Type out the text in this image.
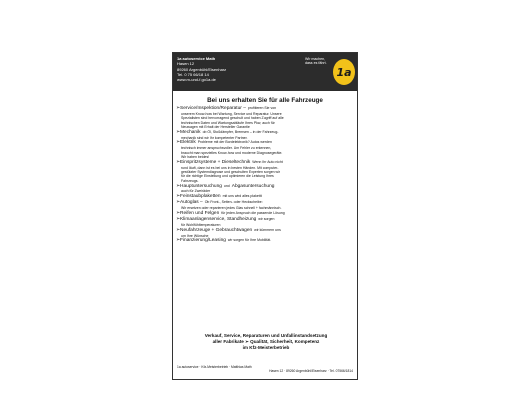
1a autoservice Math
Hasen 12
89260 Argenbühl/Eisenharz
Tel. 0 75 66/18 14
www.m-und-f.go1a.de
Wir machen,
dass es fährt.
1a
Bei uns erhalten Sie für alle Fahrzeuge
➢Service/Inspektion/Reparatur – profitieren Sie von
unserem Know-how bei Wartung, Service und Reparatur. Unsere
Spezialisten sind hervorragend geschult und haben Zugriff auf alle
technischen Daten und Wartungsabläufe Ihres Pkw, auch für
Neuwagen mit Erhalt der Hersteller Garantie
➢Mechanik ob Öl, Stoßdämpfer, Bremsen – in der Fahrzeug-
mechanik sind wir Ihr kompetenter Partner.
➢Elektrik Probleme mit der Bordelektronik? Autos werden
technisch immer anspruchsvoller. Um Fehler zu erkennen,
braucht man spezielles Know-how und moderne Diagnosegeräte.
Wir haben beides!
➢Einspritzsysteme + Dieseltechnik Wenn Ihr Auto nicht
rund läuft, dann ist es bei uns in besten Händen. Mit computer-
gestützter Systemdiagnose und geschulten Experten sorgen wir
für die richtige Einstellung und optimieren die Leistung Ihres
Fahrzeugs.
➢Hauptuntersuchung und Abgasuntersuchung
auch für Zweiräder
➢Feinstaubplaketten mit uns wird alles plakettt
➢Autoglas – Ob Front-, Seiten- oder Heckscheibe:
Wir ersetzen oder reparieren jedes Glas schnell + fachmännisch.
➢Reifen und Felgen für jeden Anspruch die passende Lösung
➢Klimaanlagenservice, Standheizung wir sorgen
für Wohlfühltemperaturen
➢Neufahrzeuge + Gebrauchtwagen wir kümmern uns
um Ihre Wünsche
➢Finanzierung/Leasing wir sorgen für Ihre Mobilität.
Verkauf, Service, Reparaturen und Unfallinstandsetzung
aller Fabrikate ➢ Qualität, Sicherheit, Kompetenz
im Kfz-Meisterbetrieb
1a autoservice · Kfz-Meisterbetrieb · Matthias Math
Hasen 12 · 89260 Argenbühl/Eisenharz · Tel. 07566/1814
